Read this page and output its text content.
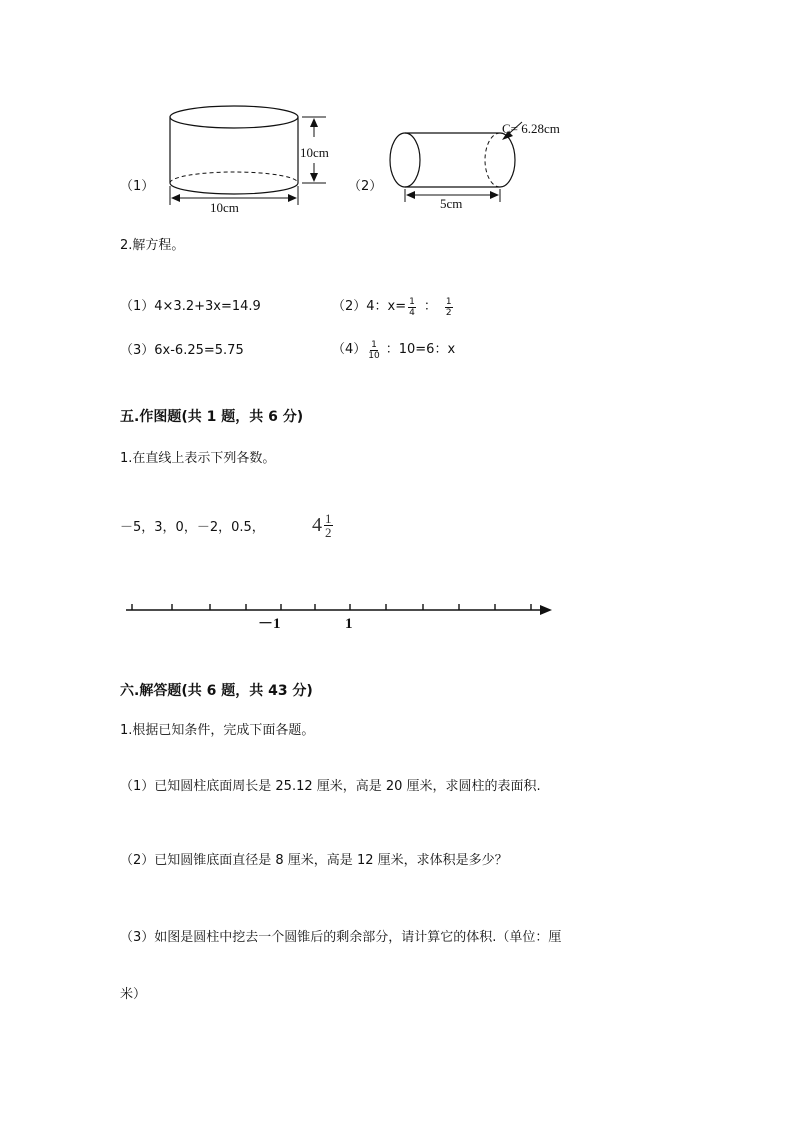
（1）
10cm
10cm
（2）
C= 6.28cm
5cm
2.解方程。
（1）4×3.2+3x=14.9	（2）4：$x= \frac{1}{4}$ ： $\frac{1}{2}$
（3）6x-6.25=5.75	$(4) \frac{1}{10}$ ：10=6：x
五.作图题(共 1 题，共 6 分)
1.在直线上表示下列各数。
－5，3，0，－2，0.5， $4 \frac{1}{2}$
－1	1
六.解答题(共 6 题，共 43 分)
1.根据已知条件，完成下面各题。
（1）已知圆柱底面周长是 25.12 厘米，高是 20 厘米，求圆柱的表面积.
（2）已知圆锥底面直径是 8 厘米，高是 12 厘米，求体积是多少？
（3）如图是圆柱中挖去一个圆锥后的剩余部分，请计算它的体积.（单位：厘
米）
